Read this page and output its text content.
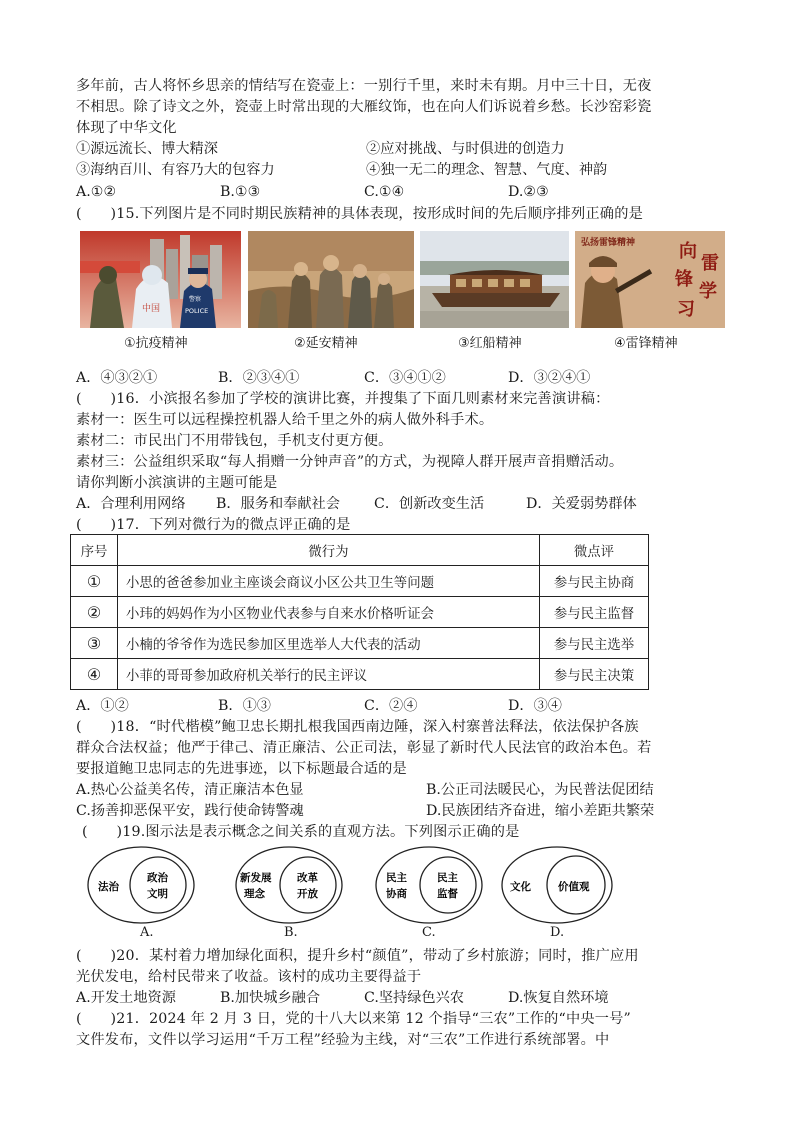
多年前，古人将怀乡思亲的情结写在瓷壶上：一别行千里，来时未有期。月中三十日，无夜
不相思。除了诗文之外，瓷壶上时常出现的大雁纹饰，也在向人们诉说着乡愁。长沙窑彩瓷
体现了中华文化
①源远流长、博大精深	②应对挑战、与时俱进的创造力
③海纳百川、有容乃大的包容力	④独一无二的理念、智慧、气度、神韵
A.①②	B.①③	C.①④	D.②③
(　　)15.下列图片是不同时期民族精神的具体表现，按形成时间的先后顺序排列正确的是
中国
警察
POLICE
弘扬雷锋精神 向
雷
锋
学
习
①抗疫精神	②延安精神	③红船精神	④雷锋精神
A．④③②①	B．②③④①	C．③④①②	D．③②④①
(　　)16．小滨报名参加了学校的演讲比赛，并搜集了下面几则素材来完善演讲稿：
素材一：医生可以远程操控机器人给千里之外的病人做外科手术。
素材二：市民出门不用带钱包，手机支付更方便。
素材三：公益组织采取“每人捐赠一分钟声音”的方式，为视障人群开展声音捐赠活动。
请你判断小滨演讲的主题可能是
A．合理利用网络 B．服务和奉献社会 C．创新改变生活	D．关爱弱势群体
(　　)17．下列对微行为的微点评正确的是
序号	微行为	微点评
①	小思的爸爸参加业主座谈会商议小区公共卫生等问题	参与民主协商
②	小玮的妈妈作为小区物业代表参与自来水价格听证会	参与民主监督
③	小楠的爷爷作为选民参加区里选举人大代表的活动	参与民主选举
④	小菲的哥哥参加政府机关举行的民主评议	参与民主决策
A．①②	B．①③	C．②④	D．③④
(　　)18．“时代楷模”鲍卫忠长期扎根我国西南边陲，深入村寨普法释法，依法保护各族
群众合法权益；他严于律己、清正廉洁、公正司法，彰显了新时代人民法官的政治本色。若
要报道鲍卫忠同志的先进事迹，以下标题最合适的是
A.热心公益美名传，清正廉洁本色显	B.公正司法暖民心，为民普法促团结
C.扬善抑恶保平安，践行使命铸警魂	D.民族团结齐奋进，缩小差距共繁荣
(　　)19.图示法是表示概念之间关系的直观方法。下列图示正确的是
法治
政治
文明
新发展
理念
改革
开放
民主
协商
民主
监督
文化	价值观
A.	B.	C.	D.
(　　)20．某村着力增加绿化面积，提升乡村“颜值”，带动了乡村旅游；同时，推广应用
光伏发电，给村民带来了收益。该村的成功主要得益于
A.开发土地资源	B.加快城乡融合	C.坚持绿色兴农	D.恢复自然环境
(　　)21．2024 年 2 月 3 日，党的十八大以来第 12 个指导“三农”工作的“中央一号”
文件发布，文件以学习运用“千万工程”经验为主线，对“三农”工作进行系统部署。中
